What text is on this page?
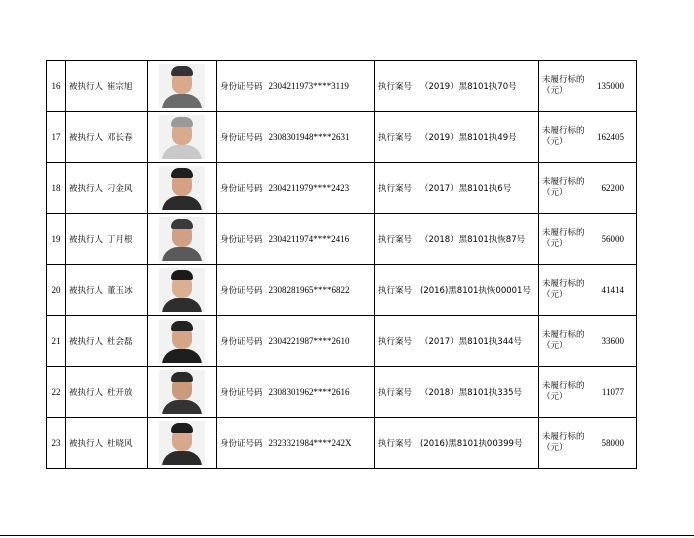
16	被执行人 崔宗旭		身份证号码 2304211973****3119	执行案号 （2019）黑8101执70号	未履行标的（元） 135000

17	被执行人 邓长春		身份证号码 2308301948****2631	执行案号 （2019）黑8101执49号	未履行标的（元） 162405

18	被执行人 刁金风		身份证号码 2304211979****2423	执行案号 （2017）黑8101执6号	未履行标的（元） 62200

19	被执行人 丁月根		身份证号码 2304211974****2416	执行案号 （2018）黑8101执恢87号	未履行标的（元） 56000

20	被执行人 董玉冰		身份证号码 2308281965****6822	执行案号 (2016)黑8101执恢00001号	未履行标的（元） 41414

21	被执行人 杜会磊		身份证号码 2304221987****2610	执行案号 （2017）黑8101执344号	未履行标的（元） 33600

22	被执行人 杜开放		身份证号码 2308301962****2616	执行案号 （2018）黑8101执335号	未履行标的（元） 11077

23	被执行人 杜晓风		身份证号码 2323321984****242X	执行案号 (2016)黑8101执00399号	未履行标的（元） 58000
